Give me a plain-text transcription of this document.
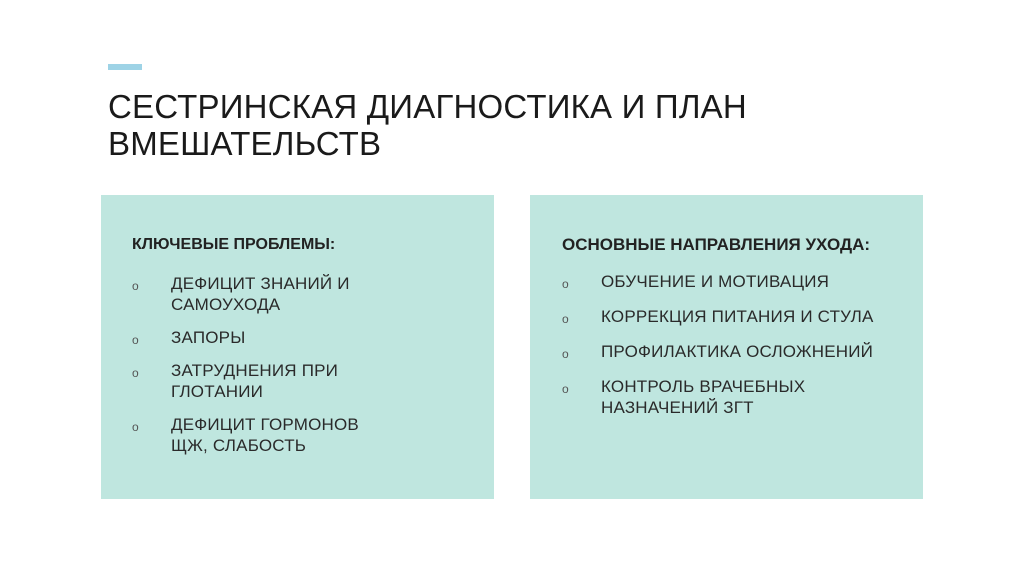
СЕСТРИНСКАЯ ДИАГНОСТИКА И ПЛАН ВМЕШАТЕЛЬСТВ
КЛЮЧЕВЫЕ ПРОБЛЕМЫ:
o ДЕФИЦИТ ЗНАНИЙ И САМОУХОДА
o ЗАПОРЫ
o ЗАТРУДНЕНИЯ ПРИ ГЛОТАНИИ
o ДЕФИЦИТ ГОРМОНОВ ЩЖ, СЛАБОСТЬ
ОСНОВНЫЕ НАПРАВЛЕНИЯ УХОДА:
o ОБУЧЕНИЕ И МОТИВАЦИЯ
o КОРРЕКЦИЯ ПИТАНИЯ И СТУЛА
o ПРОФИЛАКТИКА ОСЛОЖНЕНИЙ
o КОНТРОЛЬ ВРАЧЕБНЫХ НАЗНАЧЕНИЙ ЗГТ
